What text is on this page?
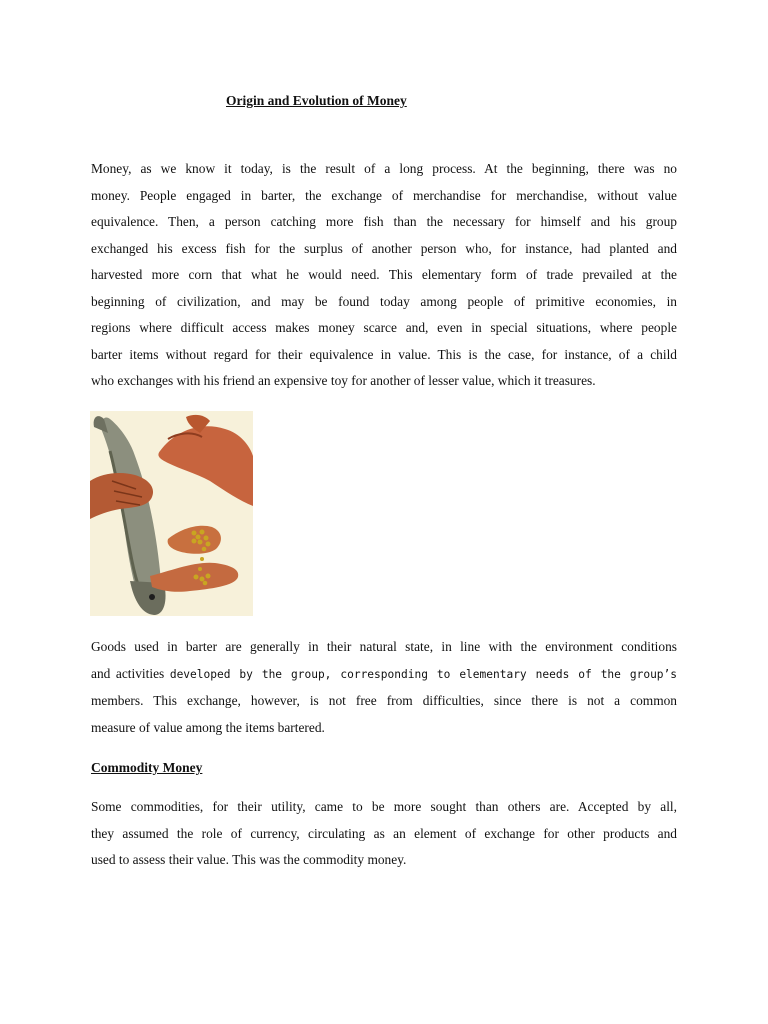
Origin and Evolution of Money
Money, as we know it today, is the result of a long process. At the beginning, there was no
money. People engaged in barter, the exchange of merchandise for merchandise, without value
equivalence. Then, a person catching more fish than the necessary for himself and his group
exchanged his excess fish for the surplus of another person who, for instance, had planted and
harvested more corn that what he would need. This elementary form of trade prevailed at the
beginning of civilization, and may be found today among people of primitive economies, in
regions where difficult access makes money scarce and, even in special situations, where people
barter items without regard for their equivalence in value. This is the case, for instance, of a child
who exchanges with his friend an expensive toy for another of lesser value, which it treasures.
Goods used in barter are generally in their natural state, in line with the environment conditions
and activities developed by the group, corresponding to elementary needs of the group’s
members. This exchange, however, is not free from difficulties, since there is not a common
measure of value among the items bartered.
Commodity Money
Some commodities, for their utility, came to be more sought than others are. Accepted by all,
they assumed the role of currency, circulating as an element of exchange for other products and
used to assess their value. This was the commodity money.
